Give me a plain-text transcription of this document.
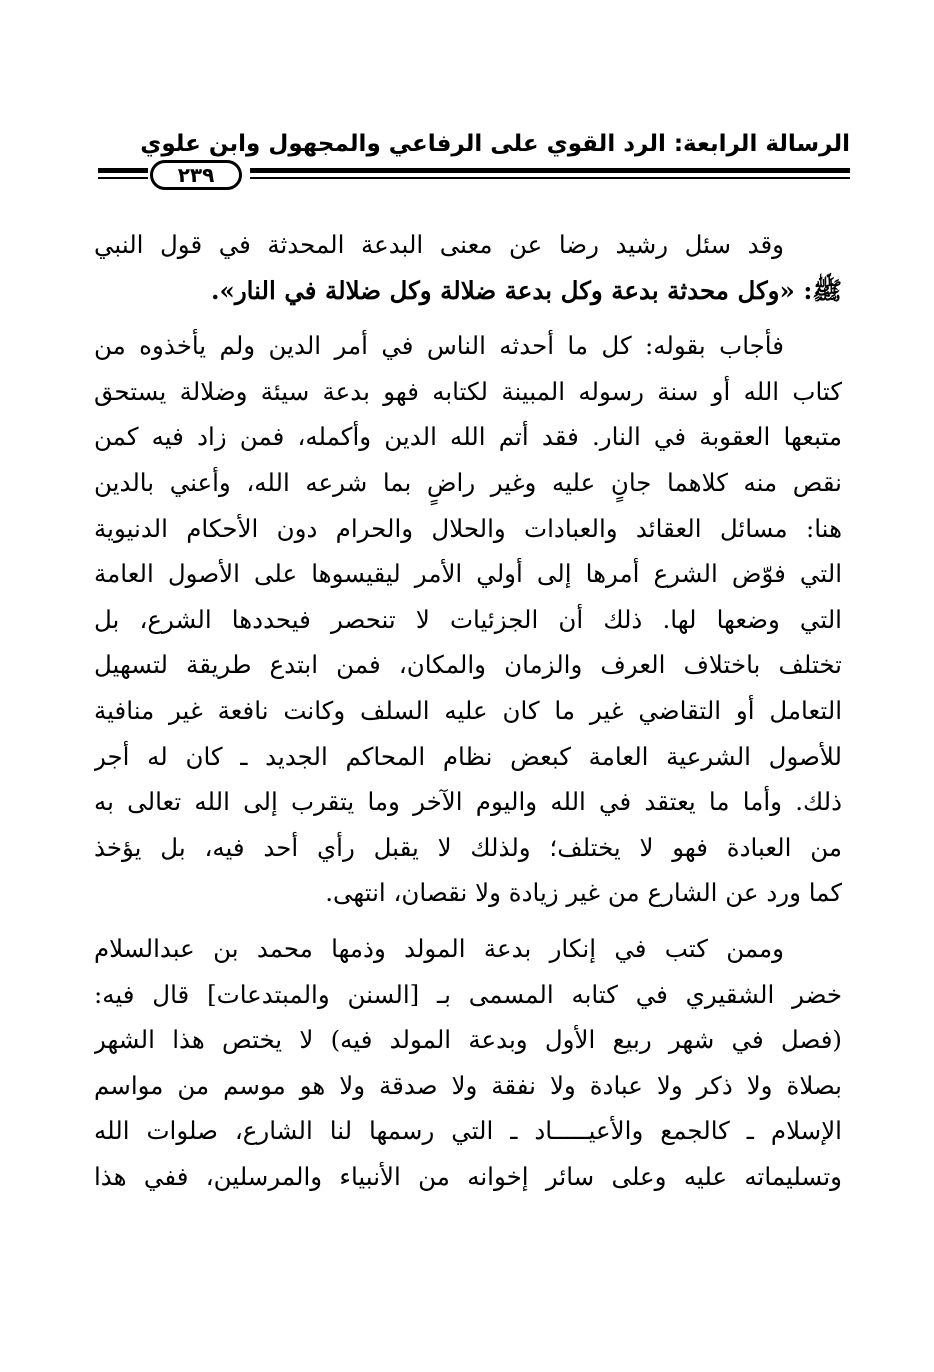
الرسالة الرابعة: الرد القوي على الرفاعي والمجهول وابن علوي
٢٣٩
وقد سئل رشيد رضا عن معنى البدعة المحدثة في قول النبي
ﷺ: «وكل محدثة بدعة وكل بدعة ضلالة وكل ضلالة في النار».
فأجاب بقوله: كل ما أحدثه الناس في أمر الدين ولم يأخذوه من
كتاب الله أو سنة رسوله المبينة لكتابه فهو بدعة سيئة وضلالة يستحق
متبعها العقوبة في النار. فقد أتم الله الدين وأكمله، فمن زاد فيه كمن
نقص منه كلاهما جانٍ عليه وغير راضٍ بما شرعه الله، وأعني بالدين
هنا: مسائل العقائد والعبادات والحلال والحرام دون الأحكام الدنيوية
التي فوّض الشرع أمرها إلى أولي الأمر ليقيسوها على الأصول العامة
التي وضعها لها. ذلك أن الجزئيات لا تنحصر فيحددها الشرع، بل
تختلف باختلاف العرف والزمان والمكان، فمن ابتدع طريقة لتسهيل
التعامل أو التقاضي غير ما كان عليه السلف وكانت نافعة غير منافية
للأصول الشرعية العامة كبعض نظام المحاكم الجديد ـ كان له أجر
ذلك. وأما ما يعتقد في الله واليوم الآخر وما يتقرب إلى الله تعالى به
من العبادة فهو لا يختلف؛ ولذلك لا يقبل رأي أحد فيه، بل يؤخذ
كما ورد عن الشارع من غير زيادة ولا نقصان، انتهى.
وممن كتب في إنكار بدعة المولد وذمها محمد بن عبدالسلام
خضر الشقيري في كتابه المسمى بـ [السنن والمبتدعات] قال فيه:
(فصل في شهر ربيع الأول وبدعة المولد فيه) لا يختص هذا الشهر
بصلاة ولا ذكر ولا عبادة ولا نفقة ولا صدقة ولا هو موسم من مواسم
الإسلام ـ كالجمع والأعيـــــاد ـ التي رسمها لنا الشارع، صلوات الله
وتسليماته عليه وعلى سائر إخوانه من الأنبياء والمرسلين، ففي هذا
